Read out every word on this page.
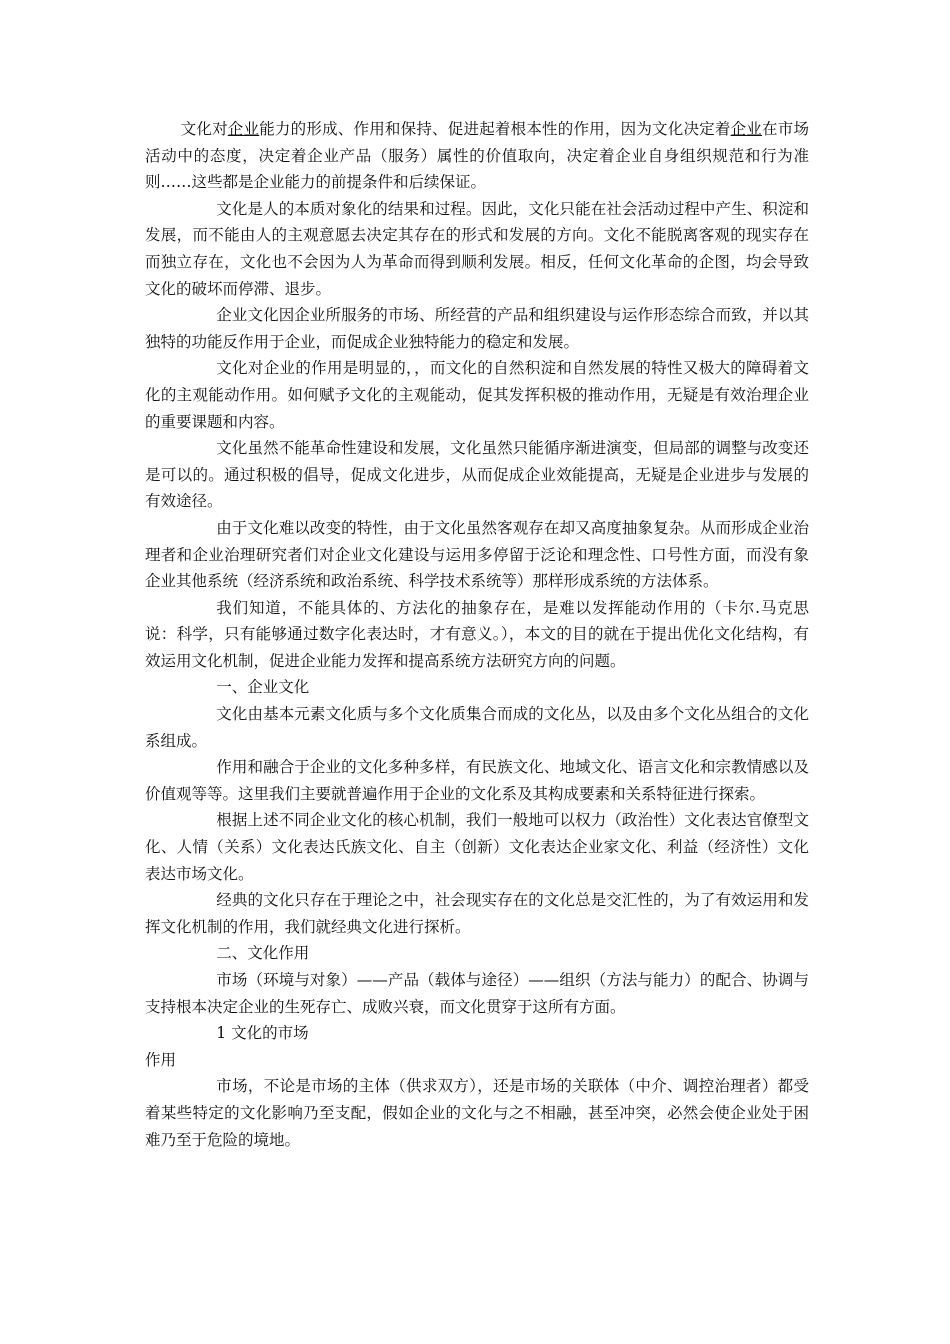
文化对企业能力的形成、作用和保持、促进起着根本性的作用，因为文化决定着企业在市场活动中的态度，决定着企业产品（服务）属性的价值取向，决定着企业自身组织规范和行为准则……这些都是企业能力的前提条件和后续保证。

文化是人的本质对象化的结果和过程。因此，文化只能在社会活动过程中产生、积淀和发展，而不能由人的主观意愿去决定其存在的形式和发展的方向。文化不能脱离客观的现实存在而独立存在，文化也不会因为人为革命而得到顺利发展。相反，任何文化革命的企图，均会导致文化的破坏而停滞、退步。

企业文化因企业所服务的市场、所经营的产品和组织建设与运作形态综合而致，并以其独特的功能反作用于企业，而促成企业独特能力的稳定和发展。

文化对企业的作用是明显的，，而文化的自然积淀和自然发展的特性又极大的障碍着文化的主观能动作用。如何赋予文化的主观能动，促其发挥积极的推动作用，无疑是有效治理企业的重要课题和内容。

文化虽然不能革命性建设和发展，文化虽然只能循序渐进演变，但局部的调整与改变还是可以的。通过积极的倡导，促成文化进步，从而促成企业效能提高，无疑是企业进步与发展的有效途径。

由于文化难以改变的特性，由于文化虽然客观存在却又高度抽象复杂。从而形成企业治理者和企业治理研究者们对企业文化建设与运用多停留于泛论和理念性、口号性方面，而没有象企业其他系统（经济系统和政治系统、科学技术系统等）那样形成系统的方法体系。

我们知道，不能具体的、方法化的抽象存在，是难以发挥能动作用的（卡尔.马克思说：科学，只有能够通过数字化表达时，才有意义。），本文的目的就在于提出优化文化结构，有效运用文化机制，促进企业能力发挥和提高系统方法研究方向的问题。

一、企业文化

文化由基本元素文化质与多个文化质集合而成的文化丛，以及由多个文化丛组合的文化系组成。

作用和融合于企业的文化多种多样，有民族文化、地域文化、语言文化和宗教情感以及价值观等等。这里我们主要就普遍作用于企业的文化系及其构成要素和关系特征进行探索。

根据上述不同企业文化的核心机制，我们一般地可以权力（政治性）文化表达官僚型文化、人情（关系）文化表达氏族文化、自主（创新）文化表达企业家文化、利益（经济性）文化表达市场文化。

经典的文化只存在于理论之中，社会现实存在的文化总是交汇性的，为了有效运用和发挥文化机制的作用，我们就经典文化进行探析。

二、文化作用

市场（环境与对象）——产品（载体与途径）——组织（方法与能力）的配合、协调与支持根本决定企业的生死存亡、成败兴衰，而文化贯穿于这所有方面。

1 文化的市场

作用

市场，不论是市场的主体（供求双方），还是市场的关联体（中介、调控治理者）都受着某些特定的文化影响乃至支配，假如企业的文化与之不相融，甚至冲突，必然会使企业处于困难乃至于危险的境地。
